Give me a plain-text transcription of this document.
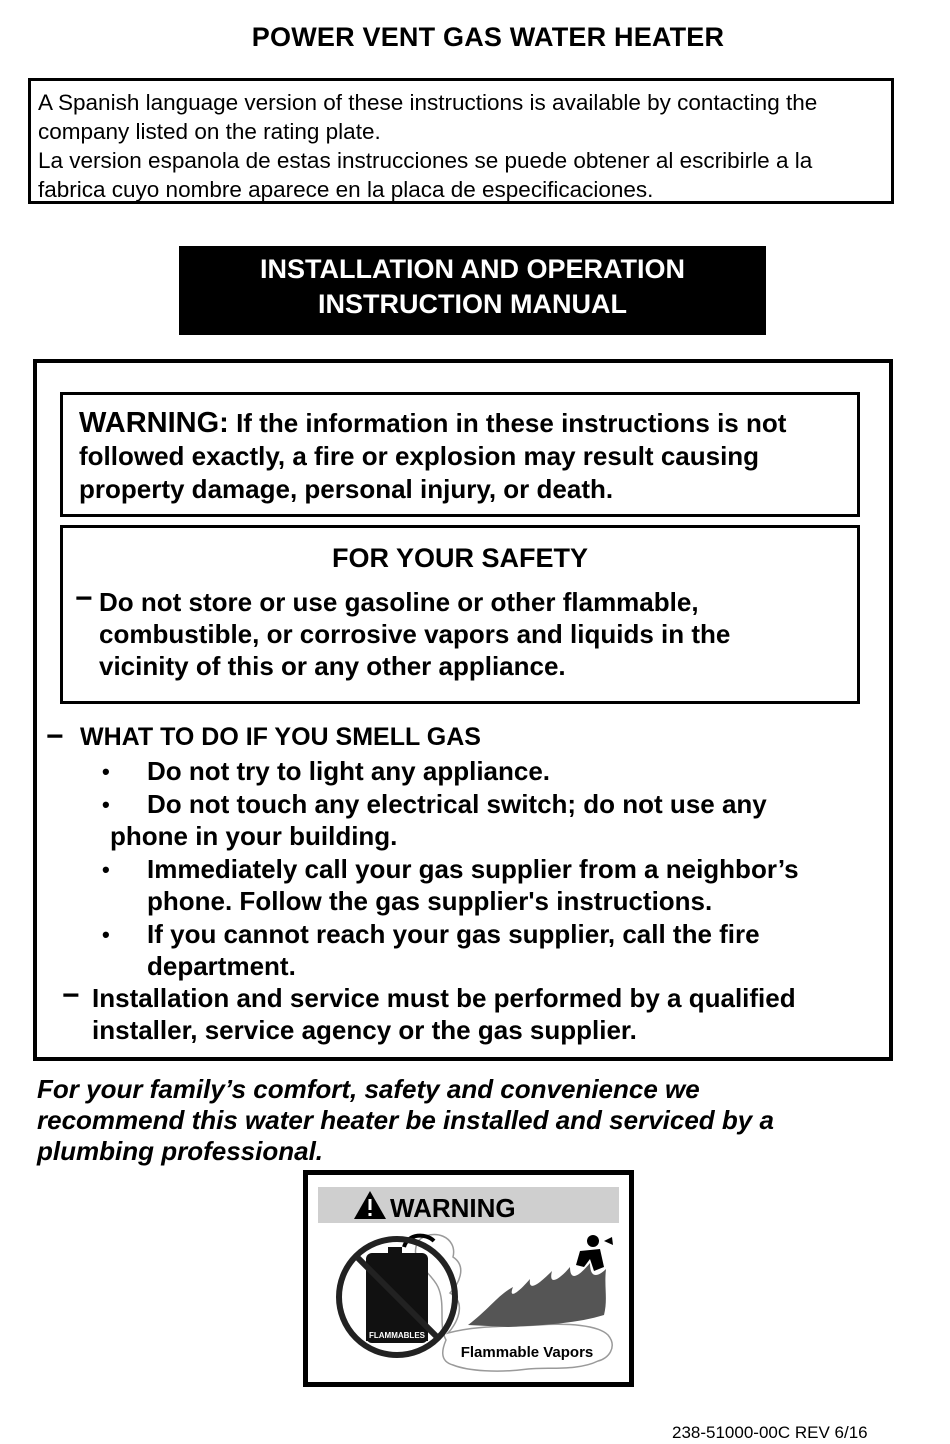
POWER VENT GAS WATER HEATER
A Spanish language version of these instructions is available by contacting the
company listed on the rating plate.
La version espanola de estas instrucciones se puede obtener al escribirle a la
fabrica cuyo nombre aparece en la placa de especificaciones.
INSTALLATION AND OPERATION
INSTRUCTION MANUAL
WARNING: If the information in these instructions is not
followed exactly, a fire or explosion may result causing
property damage, personal injury, or death.
FOR YOUR SAFETY
− Do not store or use gasoline or other flammable,
combustible, or corrosive vapors and liquids in the
vicinity of this or any other appliance.
− WHAT TO DO IF YOU SMELL GAS
• Do not try to light any appliance.
• Do not touch any electrical switch; do not use any
phone in your building.
• Immediately call your gas supplier from a neighbor’s
phone. Follow the gas supplier's instructions.
• If you cannot reach your gas supplier, call the fire
department.
− Installation and service must be performed by a qualified
installer, service agency or the gas supplier.
For your family’s comfort, safety and convenience we
recommend this water heater be installed and serviced by a
plumbing professional.
WARNING
FLAMMABLES
Flammable Vapors
238-51000-00C REV 6/16
